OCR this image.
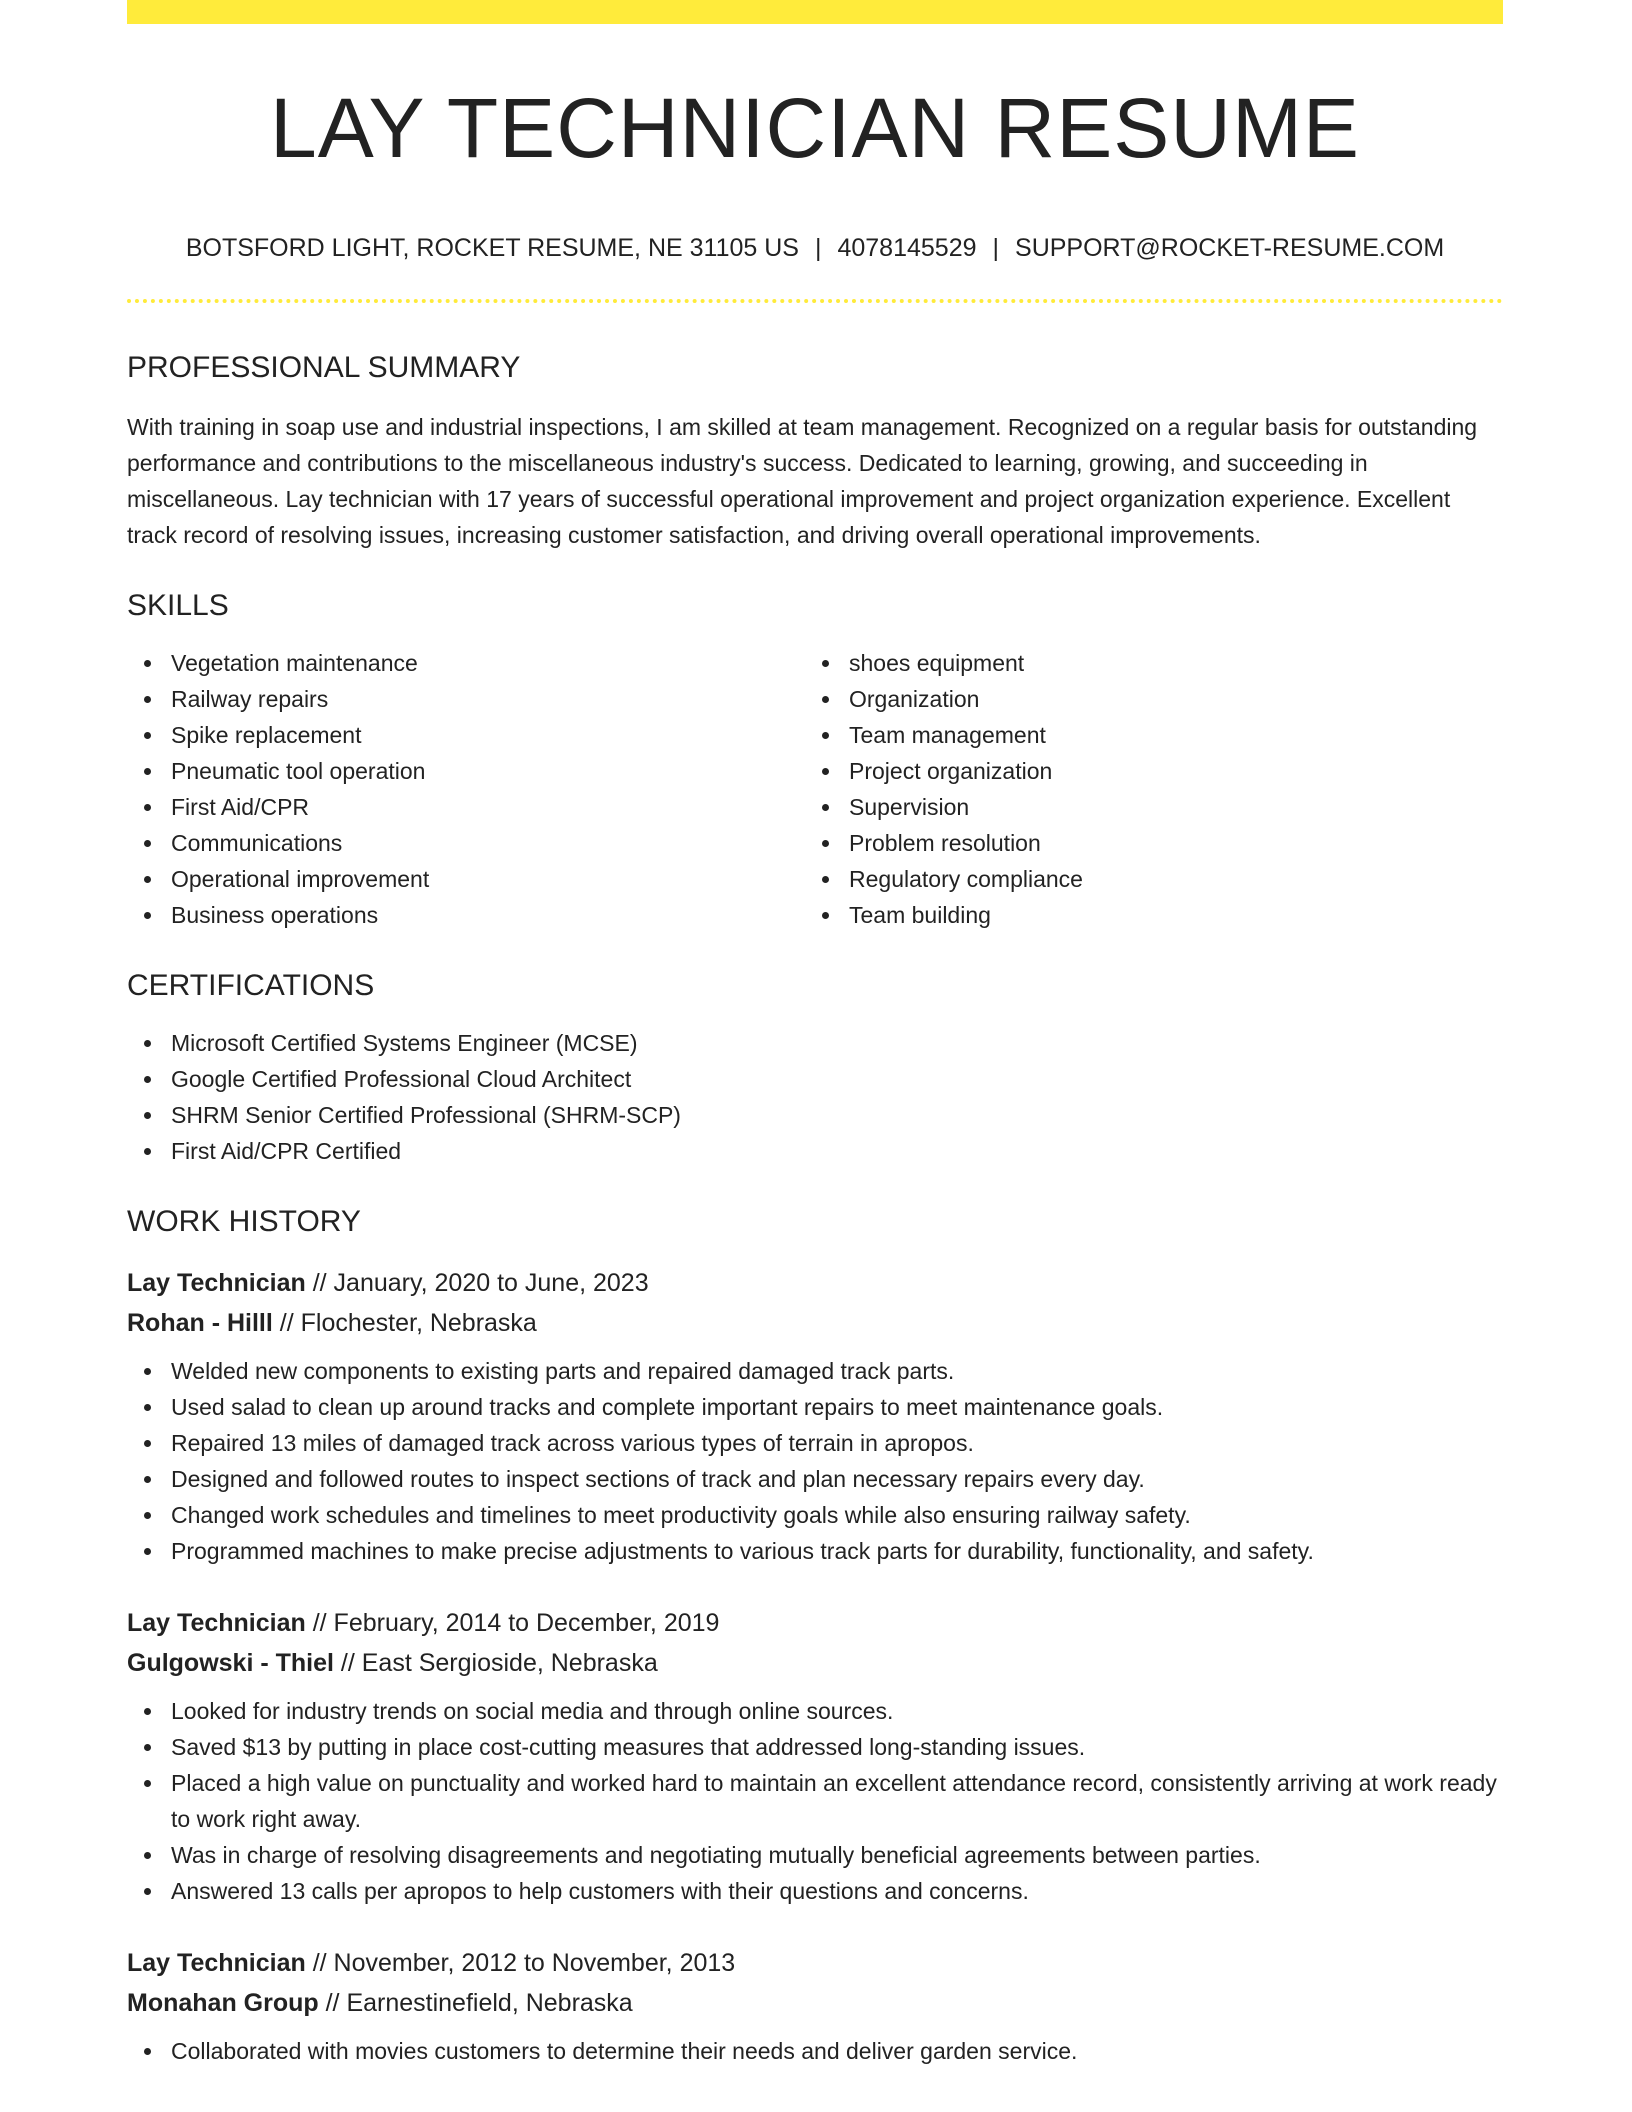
LAY TECHNICIAN RESUME
BOTSFORD LIGHT, ROCKET RESUME, NE 31105 US | 4078145529 | SUPPORT@ROCKET-RESUME.COM
PROFESSIONAL SUMMARY

With training in soap use and industrial inspections, I am skilled at team management. Recognized on a regular basis for outstanding performance and contributions to the miscellaneous industry's success. Dedicated to learning, growing, and succeeding in miscellaneous. Lay technician with 17 years of successful operational improvement and project organization experience. Excellent track record of resolving issues, increasing customer satisfaction, and driving overall operational improvements.

SKILLS
Vegetation maintenance
Railway repairs
Spike replacement
Pneumatic tool operation
First Aid/CPR
Communications
Operational improvement
Business operations
shoes equipment
Organization
Team management
Project organization
Supervision
Problem resolution
Regulatory compliance
Team building
CERTIFICATIONS
Microsoft Certified Systems Engineer (MCSE)
Google Certified Professional Cloud Architect
SHRM Senior Certified Professional (SHRM-SCP)
First Aid/CPR Certified
WORK HISTORY
Lay Technician // January, 2020 to June, 2023
Rohan - Hilll // Flochester, Nebraska
Welded new components to existing parts and repaired damaged track parts.
Used salad to clean up around tracks and complete important repairs to meet maintenance goals.
Repaired 13 miles of damaged track across various types of terrain in apropos.
Designed and followed routes to inspect sections of track and plan necessary repairs every day.
Changed work schedules and timelines to meet productivity goals while also ensuring railway safety.
Programmed machines to make precise adjustments to various track parts for durability, functionality, and safety.
Lay Technician // February, 2014 to December, 2019
Gulgowski - Thiel // East Sergioside, Nebraska
Looked for industry trends on social media and through online sources.
Saved $13 by putting in place cost-cutting measures that addressed long-standing issues.
Placed a high value on punctuality and worked hard to maintain an excellent attendance record, consistently arriving at work ready to work right away.
Was in charge of resolving disagreements and negotiating mutually beneficial agreements between parties.
Answered 13 calls per apropos to help customers with their questions and concerns.
Lay Technician // November, 2012 to November, 2013
Monahan Group // Earnestinefield, Nebraska
Collaborated with movies customers to determine their needs and deliver garden service.
